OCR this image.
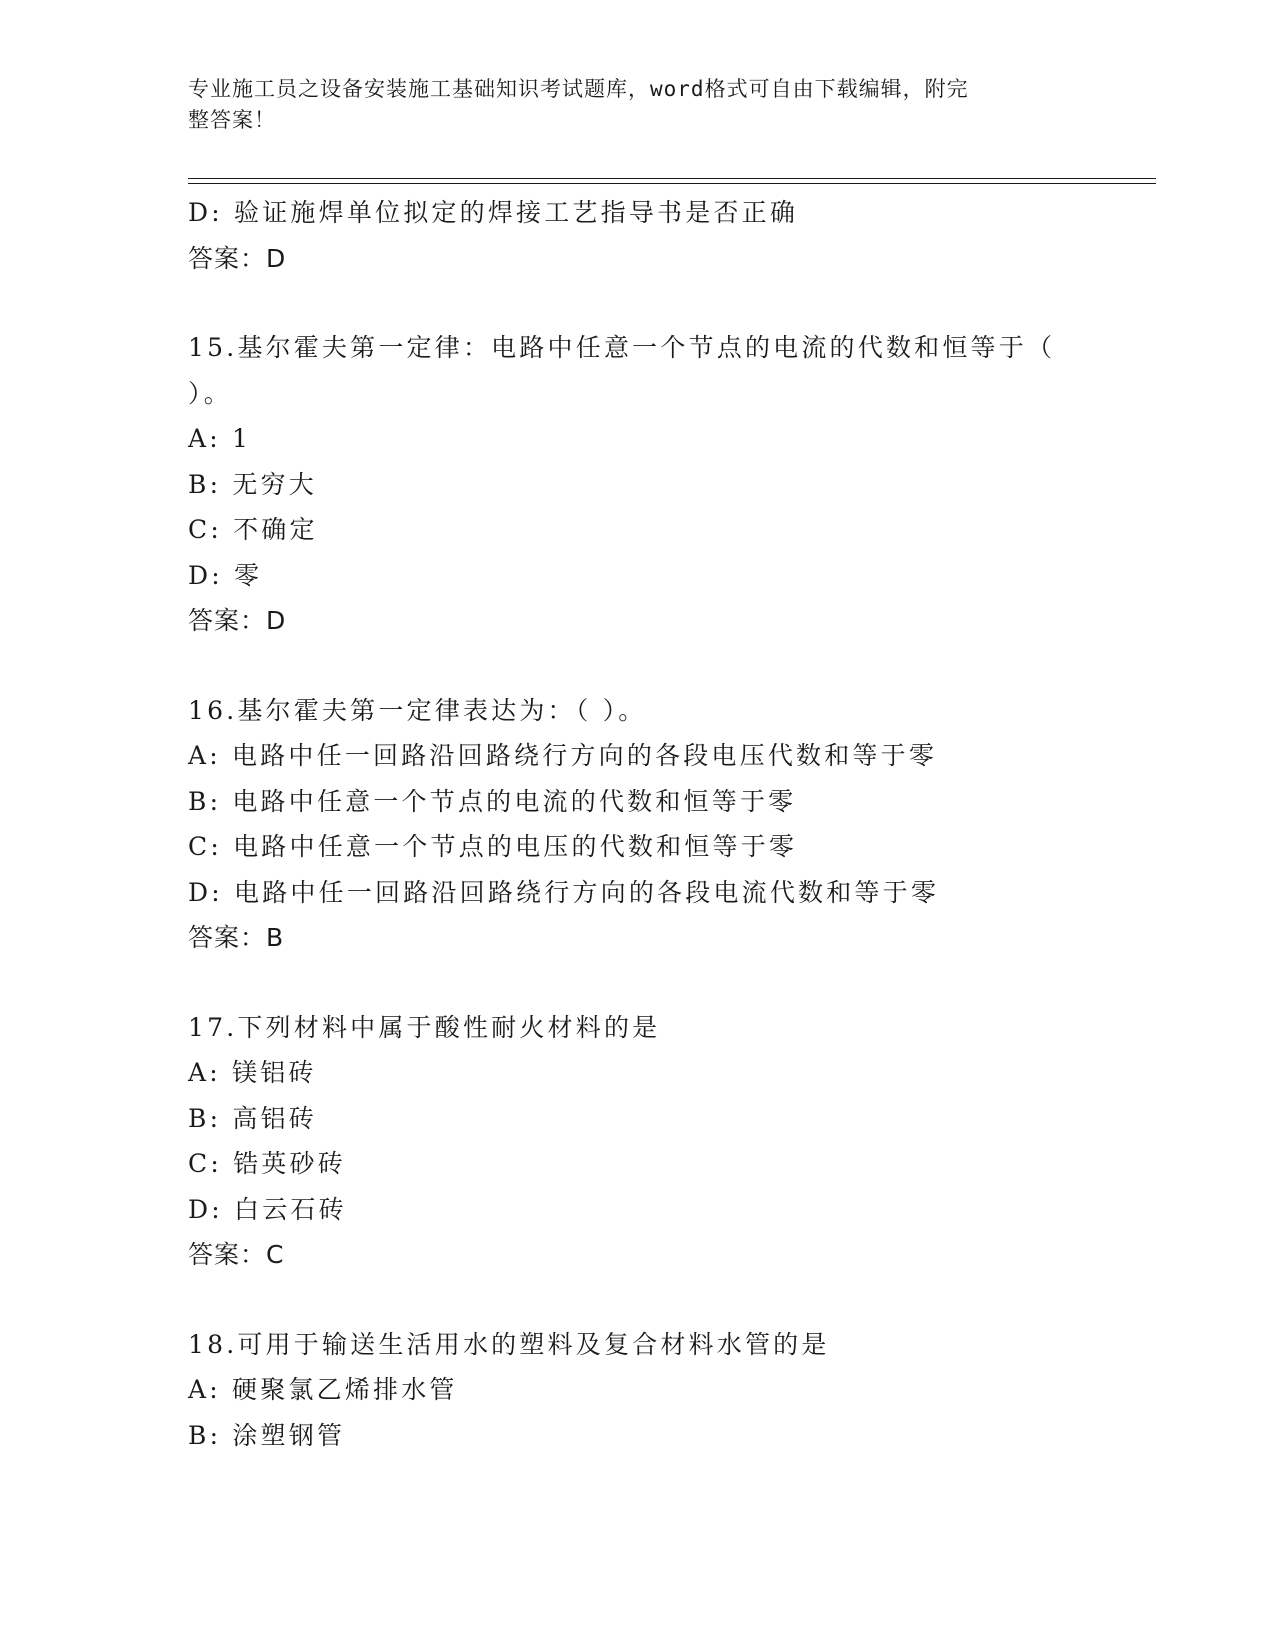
专业施工员之设备安装施工基础知识考试题库，word格式可自由下载编辑，附完
整答案！
D: 验证施焊单位拟定的焊接工艺指导书是否正确
答案：D
15.基尔霍夫第一定律：电路中任意一个节点的电流的代数和恒等于（
）。
A: 1
B: 无穷大
C: 不确定
D: 零
答案：D
16.基尔霍夫第一定律表达为：（ ）。
A: 电路中任一回路沿回路绕行方向的各段电压代数和等于零
B: 电路中任意一个节点的电流的代数和恒等于零
C: 电路中任意一个节点的电压的代数和恒等于零
D: 电路中任一回路沿回路绕行方向的各段电流代数和等于零
答案：B
17.下列材料中属于酸性耐火材料的是
A: 镁铝砖
B: 高铝砖
C: 锆英砂砖
D: 白云石砖
答案：C
18.可用于输送生活用水的塑料及复合材料水管的是
A: 硬聚氯乙烯排水管
B: 涂塑钢管
